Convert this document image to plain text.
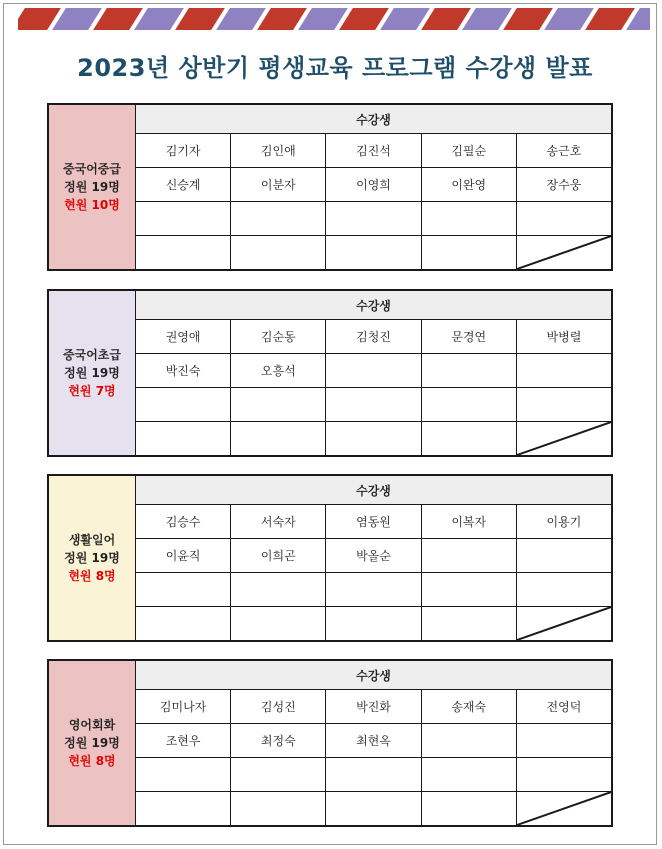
2023년 상반기 평생교육 프로그램 수강생 발표
중국어중급
정원 19명
현원 10명
수강생
김기자	김인애	김진석	김필순	송근호
신승계	이분자	이영희	이완영	장수웅
중국어초급
정원 19명
현원 7명
수강생
권영애	김순동	김청진	문경연	박병렬
박진숙	오흥석
생활일어
정원 19명
현원 8명
수강생
김승수	서숙자	염동원	이복자	이용기
이윤직	이희곤	박올순
영어회화
정원 19명
현원 8명
수강생
김미나자	김성진	박진화	송재숙	전영덕
조현우	최정숙	최현옥
